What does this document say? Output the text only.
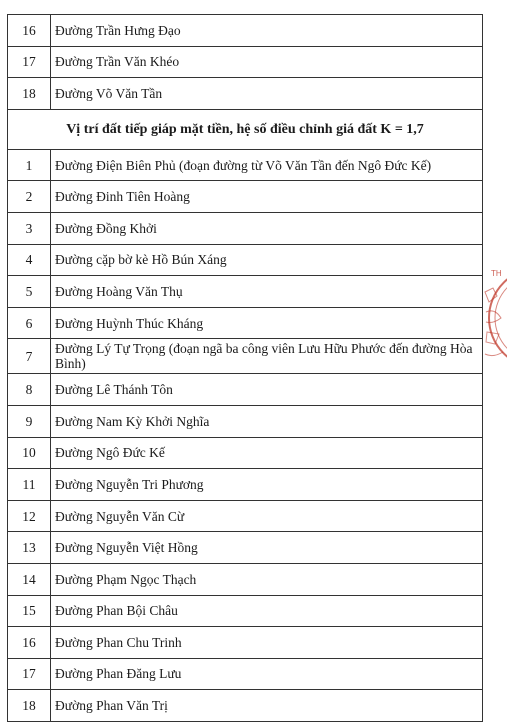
16	Đường Trần Hưng Đạo
17	Đường Trần Văn Khéo
18	Đường Võ Văn Tần
Vị trí đất tiếp giáp mặt tiền, hệ số điều chỉnh giá đất K = 1,7	
1	Đường Điện Biên Phủ (đoạn đường từ Võ Văn Tần đến Ngô Đức Kế)
2	Đường Đinh Tiên Hoàng
3	Đường Đồng Khởi
4	Đường cặp bờ kè Hồ Bún Xáng
5	Đường Hoàng Văn Thụ
6	Đường Huỳnh Thúc Kháng
7	Đường Lý Tự Trọng (đoạn ngã ba công viên Lưu Hữu Phước đến đường Hòa Bình)
8	Đường Lê Thánh Tôn
9	Đường Nam Kỳ Khởi Nghĩa
10	Đường Ngô Đức Kế
11	Đường Nguyễn Tri Phương
12	Đường Nguyễn Văn Cừ
13	Đường Nguyễn Việt Hồng
14	Đường Phạm Ngọc Thạch
15	Đường Phan Bội Châu
16	Đường Phan Chu Trinh
17	Đường Phan Đăng Lưu
18	Đường Phan Văn Trị
TH
